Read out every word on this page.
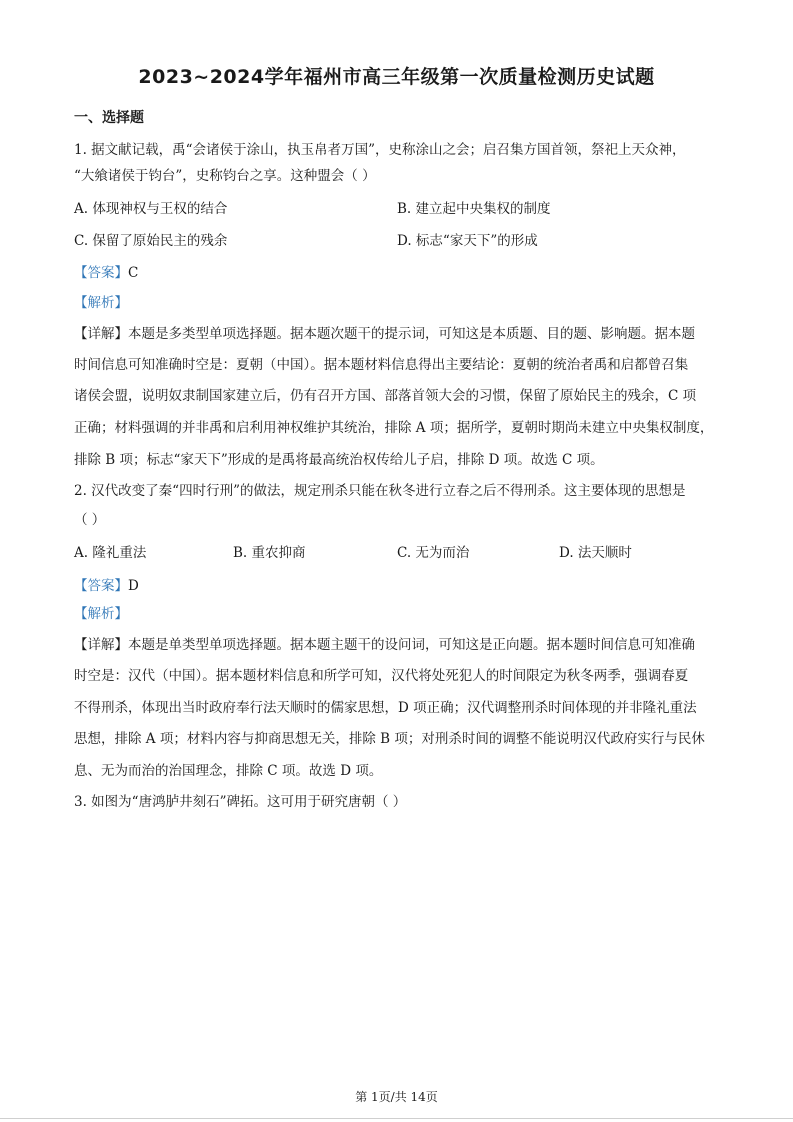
2023~2024学年福州市高三年级第一次质量检测历史试题
一、选择题
1. 据文献记载，禹“会诸侯于涂山，执玉帛者万国”，史称涂山之会；启召集方国首领，祭祀上天众神，
“大飨诸侯于钧台”，史称钧台之享。这种盟会（ ）
A. 体现神权与王权的结合	B. 建立起中央集权的制度
C. 保留了原始民主的残余	D. 标志“家天下”的形成
【答案】C
【解析】
【详解】本题是多类型单项选择题。据本题次题干的提示词，可知这是本质题、目的题、影响题。据本题
时间信息可知准确时空是：夏朝（中国）。据本题材料信息得出主要结论：夏朝的统治者禹和启都曾召集
诸侯会盟，说明奴隶制国家建立后，仍有召开方国、部落首领大会的习惯，保留了原始民主的残余，C 项
正确；材料强调的并非禹和启利用神权维护其统治，排除 A 项；据所学，夏朝时期尚未建立中央集权制度，
排除 B 项；标志“家天下”形成的是禹将最高统治权传给儿子启，排除 D 项。故选 C 项。
2. 汉代改变了秦“四时行刑”的做法，规定刑杀只能在秋冬进行立春之后不得刑杀。这主要体现的思想是
（ ）
A. 隆礼重法	B. 重农抑商	C. 无为而治	D. 法天顺时
【答案】D
【解析】
【详解】本题是单类型单项选择题。据本题主题干的设问词，可知这是正向题。据本题时间信息可知准确
时空是：汉代（中国）。据本题材料信息和所学可知，汉代将处死犯人的时间限定为秋冬两季，强调春夏
不得刑杀，体现出当时政府奉行法天顺时的儒家思想，D 项正确；汉代调整刑杀时间体现的并非隆礼重法
思想，排除 A 项；材料内容与抑商思想无关，排除 B 项；对刑杀时间的调整不能说明汉代政府实行与民休
息、无为而治的治国理念，排除 C 项。故选 D 项。
3. 如图为“唐鸿胪井刻石”碑拓。这可用于研究唐朝（ ）
第 1页/共 14页
